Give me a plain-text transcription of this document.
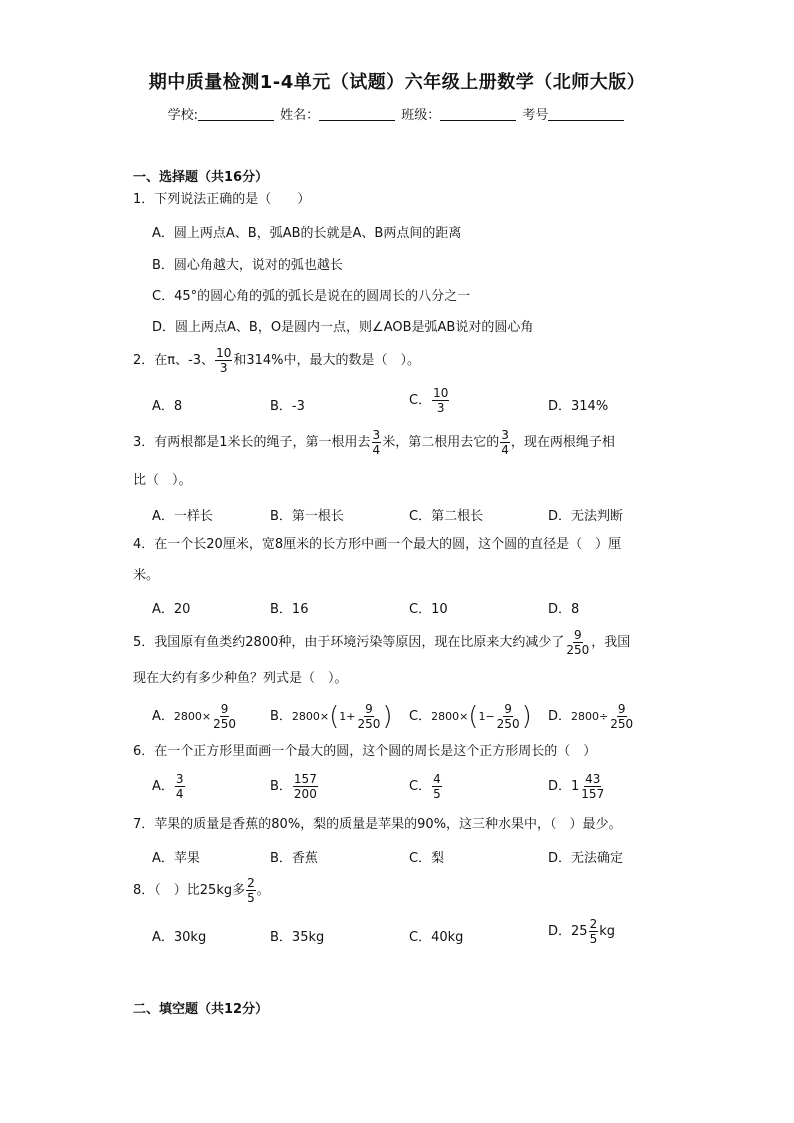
期中质量检测1-4单元（试题）六年级上册数学（北师大版）
学校:	姓名：	班级：	考号
一、选择题（共16分）
1．下列说法正确的是（　　）
A．圆上两点A、B，弧AB的长就是A、B两点间的距离
B．圆心角越大，说对的弧也越长
C．45°的圆心角的弧的弧长是说在的圆周长的八分之一
D．圆上两点A、B，O是圆内一点，则∠AOB是弧AB说对的圆心角
2．在π、-3、 $\frac{10}{3}$ 和314%中，最大的数是（　）。
A．8	B．-3	C． $\frac{10}{3}$	D．314%
3．有两根都是1米长的绳子，第一根用去 $\frac{3}{4}$ 米，第二根用去它的 $\frac{3}{4}$ ，现在两根绳子相
比（　）。
A．一样长	B．第一根长	C．第二根长	D．无法判断
4．在一个长20厘米，宽8厘米的长方形中画一个最大的圆，这个圆的直径是（　）厘
米。
A．20	B．16	C．10	D．8
5．我国原有鱼类约2800种，由于环境污染等原因，现在比原来大约减少了 $\frac{9}{250}$ ，我国
现在大约有多少种鱼？列式是（　）。
A．$2800\times \frac{9}{250}$	B．$2800\times(1+ \frac{9}{250}$ ) C．$2800\times(1- \frac{9}{250}$ ) D．$2800\div \frac{9}{250}$
6．在一个正方形里面画一个最大的圆，这个圆的周长是这个正方形周长的（　）
A． $\frac{3}{4}$	B． $\frac{157}{200}$	C． $\frac{4}{5}$	D．$1 \frac{43}{157}$
7．苹果的质量是香蕉的80%，梨的质量是苹果的90%，这三种水果中，（　）最少。
A．苹果	B．香蕉	C．梨	D．无法确定
8．（　）比25kg多 $\frac{2}{5}$ 。
A．30kg	B．35kg	C．40kg	D．$25 \frac{2}{5}$ kg
二、填空题（共12分）
